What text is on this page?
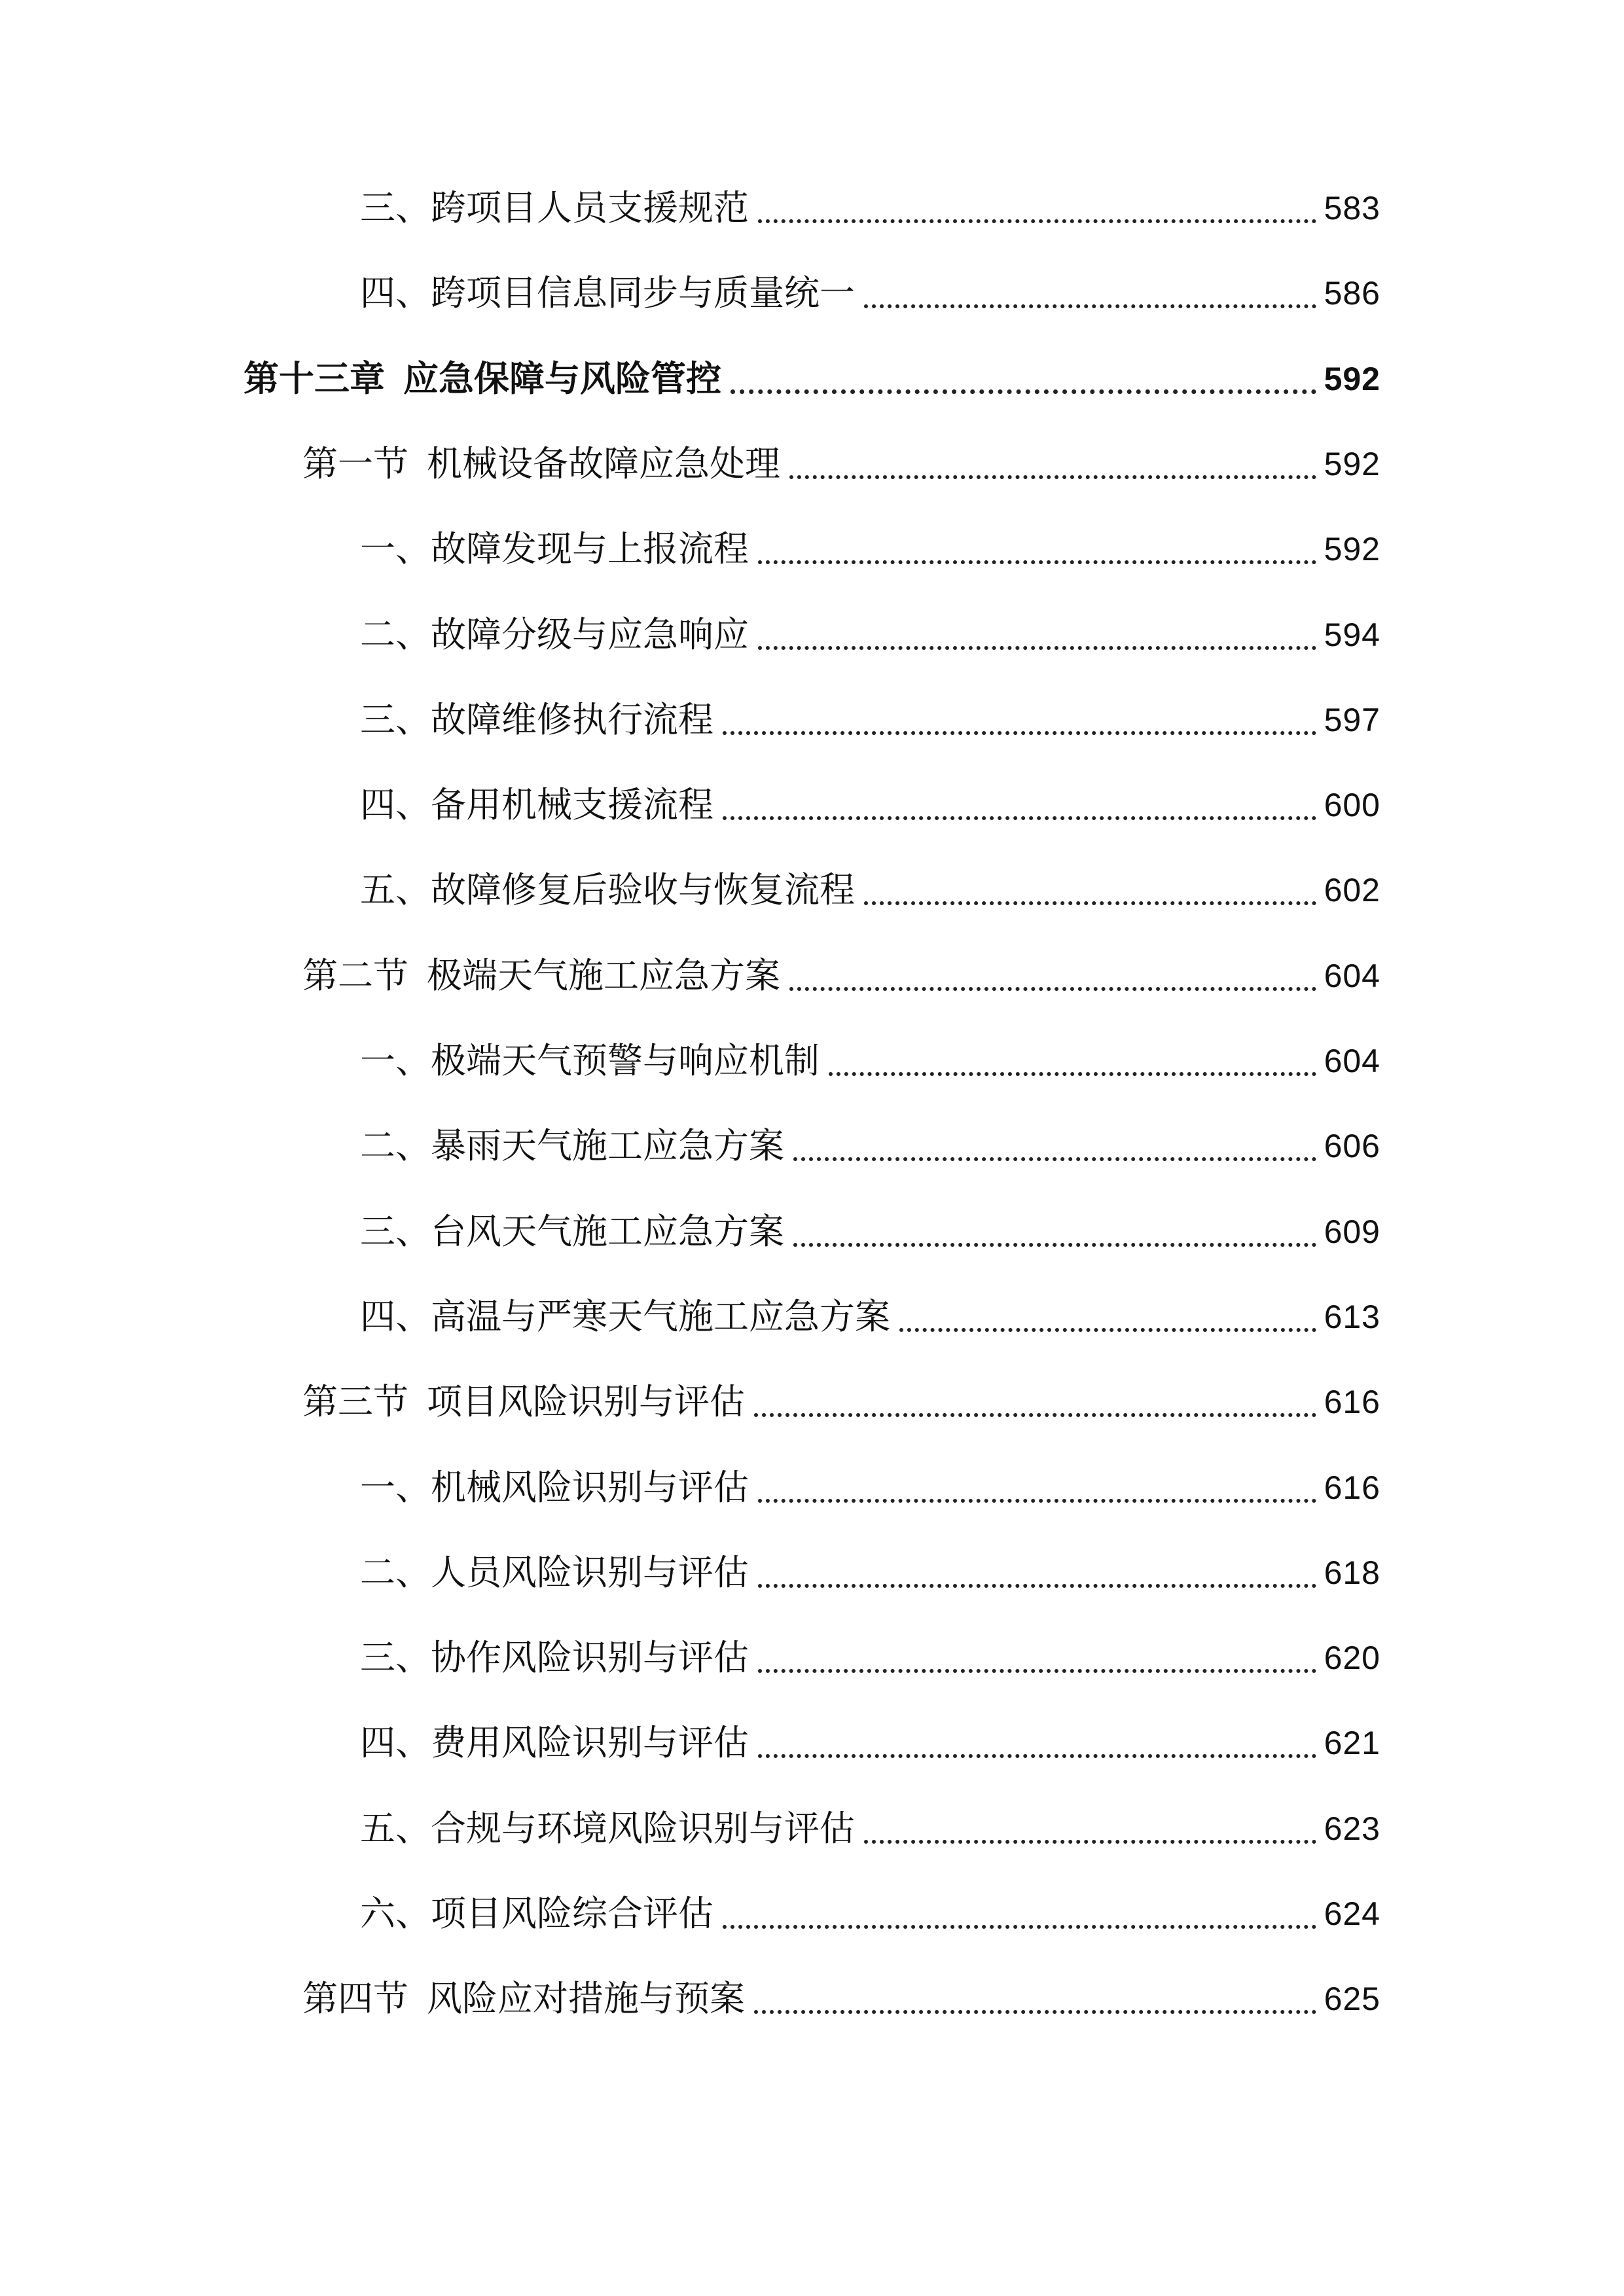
三、跨项目人员支援规范	583
四、跨项目信息同步与质量统一	586
第十三章 应急保障与风险管控	592
第一节 机械设备故障应急处理	592
一、故障发现与上报流程	592
二、故障分级与应急响应	594
三、故障维修执行流程	597
四、备用机械支援流程	600
五、故障修复后验收与恢复流程	602
第二节 极端天气施工应急方案	604
一、极端天气预警与响应机制	604
二、暴雨天气施工应急方案	606
三、台风天气施工应急方案	609
四、高温与严寒天气施工应急方案	613
第三节 项目风险识别与评估	616
一、机械风险识别与评估	616
二、人员风险识别与评估	618
三、协作风险识别与评估	620
四、费用风险识别与评估	621
五、合规与环境风险识别与评估	623
六、项目风险综合评估	624
第四节 风险应对措施与预案	625
